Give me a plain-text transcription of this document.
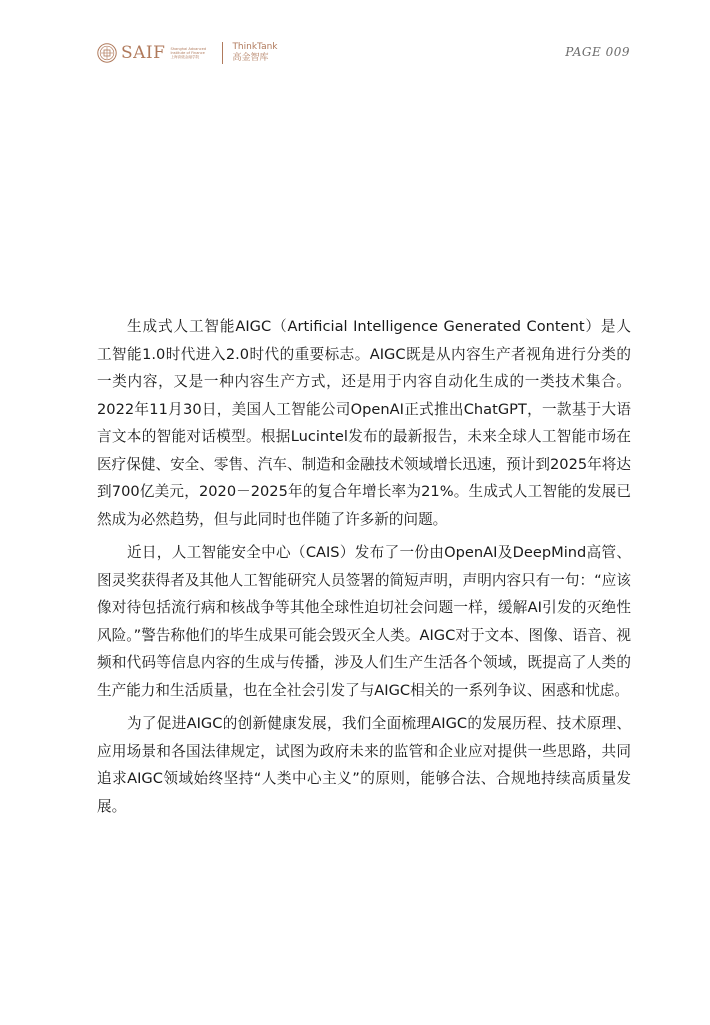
SAIF Shanghai Advanced
Institute of Finance
上海高级金融学院
ThinkTank
高金智库	PAGE 009

生成式人工智能AIGC（Artificial Intelligence Generated Content）是人工智能1.0时代进入2.0时代的重要标志。AIGC既是从内容生产者视角进行分类的一类内容，又是一种内容生产方式，还是用于内容自动化生成的一类技术集合。2022年11月30日，美国人工智能公司OpenAI正式推出ChatGPT，一款基于大语言文本的智能对话模型。根据Lucintel发布的最新报告，未来全球人工智能市场在医疗保健、安全、零售、汽车、制造和金融技术领域增长迅速，预计到2025年将达到700亿美元，2020－2025年的复合年增长率为21%。生成式人工智能的发展已然成为必然趋势，但与此同时也伴随了许多新的问题。

近日，人工智能安全中心（CAIS）发布了一份由OpenAI及DeepMind高管、图灵奖获得者及其他人工智能研究人员签署的简短声明，声明内容只有一句：“应该像对待包括流行病和核战争等其他全球性迫切社会问题一样，缓解AI引发的灭绝性风险。”警告称他们的毕生成果可能会毁灭全人类。AIGC对于文本、图像、语音、视频和代码等信息内容的生成与传播，涉及人们生产生活各个领域，既提高了人类的生产能力和生活质量，也在全社会引发了与AIGC相关的一系列争议、困惑和忧虑。

为了促进AIGC的创新健康发展，我们全面梳理AIGC的发展历程、技术原理、应用场景和各国法律规定，试图为政府未来的监管和企业应对提供一些思路，共同追求AIGC领域始终坚持“人类中心主义”的原则，能够合法、合规地持续高质量发展。
